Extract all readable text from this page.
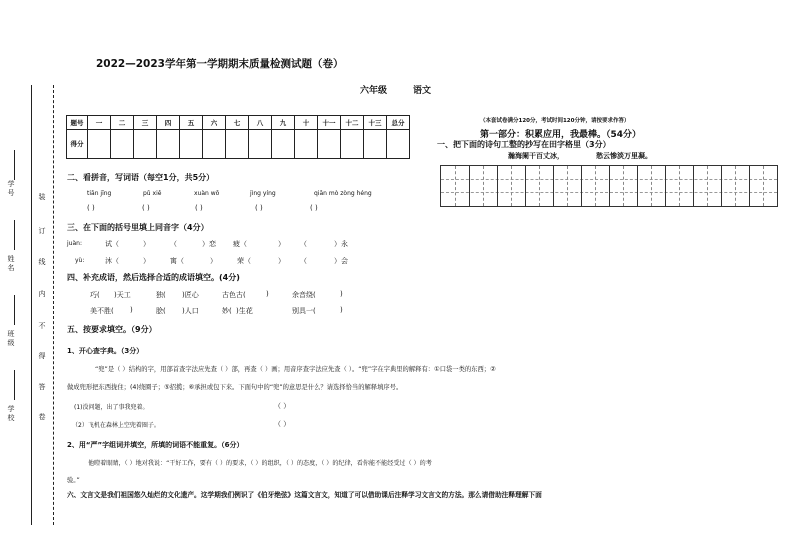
学号
姓名
班级
学校
装
订
线
内
不
得
答
卷
2022—2023学年第一学期期末质量检测试题（卷）
六年级	语文
题号	一	二	三	四	五	六	七	八	九	十	十一	十二	十三	总分
得分														
（本套试卷满分120分，考试时间120分钟，请按要求作答）
第一部分：积累应用，我最棒。（54分）
一、把下面的诗句工整的抄写在田字格里（3分）
瀚海阑干百丈冰，	愁云惨淡万里凝。
二、看拼音，写词语（每空1分，共5分）
tiān jīng	pǔ xiě	xuàn wō	jìng yíng	qiān mò zòng héng
( )	( )	( )	( )	( )
三、在下面的括号里填上同音字（4分）
juàn:	试（	）	（	）恋 疲（	） （	）永
yù:	沐（	）	寓（	）	荣（	） （	）会
四、补充成语，然后选择合适的成语填空。(4分)
巧( )天工	独( )匠心	古色古(	)	余音绕(	)
美不胜( )	脍( )人口	妙( )生花	别具一(	)
五、按要求填空。（9分）
1、开心查字典。（3分）
“兜”是（ ）结构的字，用部首查字法应先查（ ）部，再查（ ）画；用音序查字法应先查（ ）。“兜”字在字典里的解释有：①口袋一类的东西；②
做成兜形把东西拢住；(4)绕圈子；⑤招揽；⑥承担或包下来。下面句中的“兜”的意思是什么？请选择恰当的解释填序号。
(1)没问题，出了事我兜着。	（ ）
（2）飞机在森林上空兜着圈子。	（ ）
2、用“严”字组词并填空，所填的词语不能重复。（6分）
他瞪着眼睛，（ ）地对我说：“干好工作，要有（ ）的要求，（ ）的组织，（ ）的态度，（ ）的纪律，看你能不能经受过（ ）的考
验。”
六、文言文是我们祖国悠久灿烂的文化遗产。这学期我们例识了《伯牙绝弦》这篇文言文，知道了可以借助课后注释学习文言文的方法。那么请借助注释理解下面
